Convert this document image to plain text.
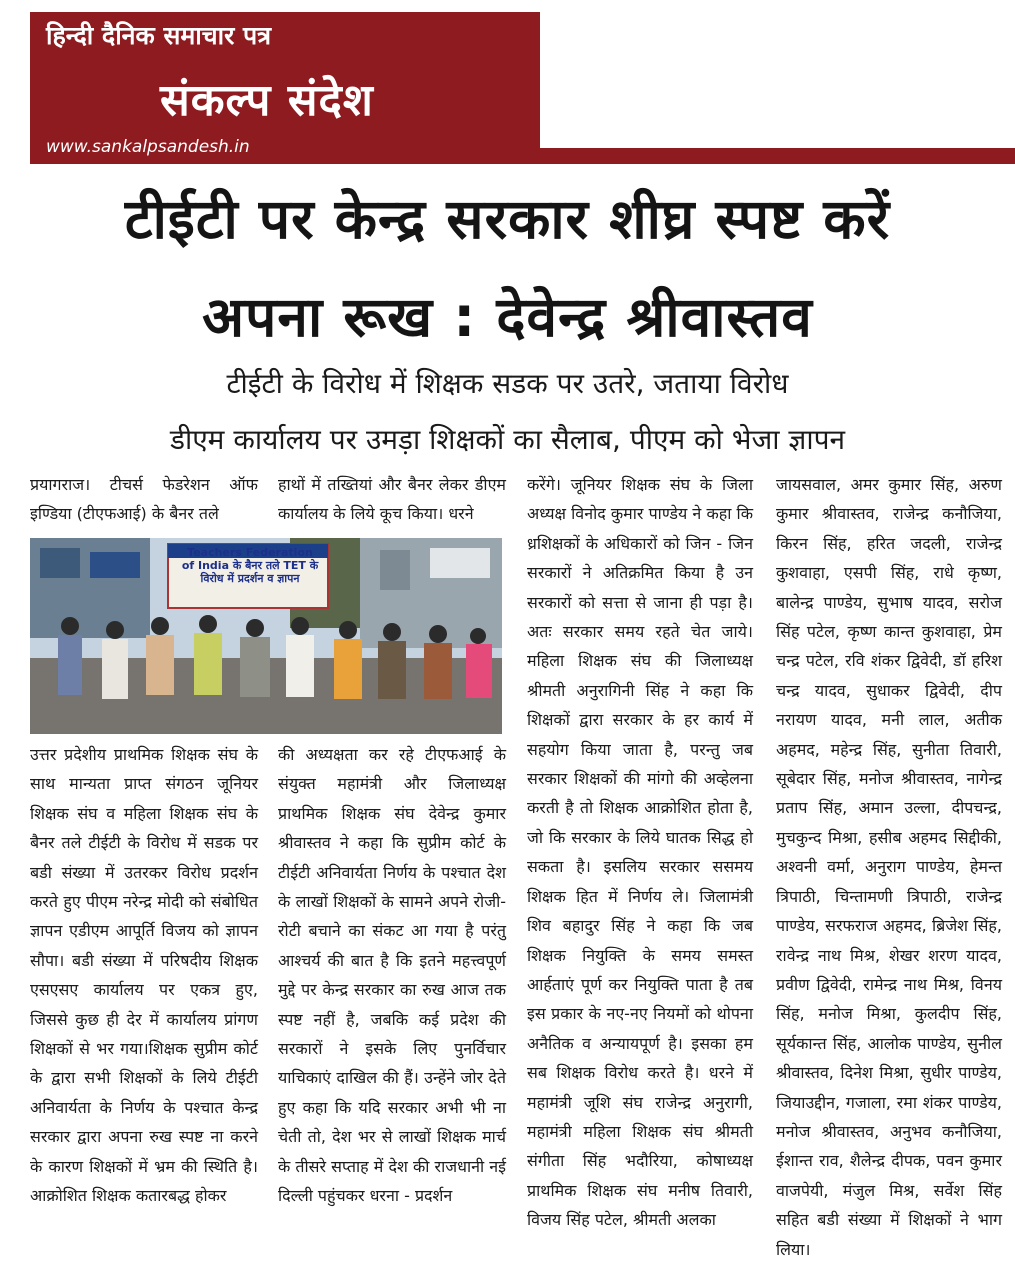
हिन्दी दैनिक समाचार पत्र
संकल्प संदेश
www.sankalpsandesh.in
टीईटी पर केन्द्र सरकार शीघ्र स्पष्ट करें
अपना रूख : देवेन्द्र श्रीवास्तव
टीईटी के विरोध में शिक्षक सडक पर उतरे, जताया विरोध
डीएम कार्यालय पर उमड़ा शिक्षकों का सैलाब, पीएम को भेजा ज्ञापन
प्रयागराज। टीचर्स फेडरेशन ऑफ इण्डिया (टीएफआई) के बैनर तले
हाथों में तख्तियां और बैनर लेकर डीएम कार्यालय के लिये कूच किया। धरने
Teachers Federation of India के बैनर तले TET के विरोध में प्रदर्शन व ज्ञापन
उत्तर प्रदेशीय प्राथमिक शिक्षक संघ के साथ मान्यता प्राप्त संगठन जूनियर शिक्षक संघ व महिला शिक्षक संघ के बैनर तले टीईटी के विरोध में सडक पर बडी संख्या में उतरकर विरोध प्रदर्शन करते हुए पीएम नरेन्द्र मोदी को संबोधित ज्ञापन एडीएम आपूर्ति विजय को ज्ञापन सौपा। बडी संख्या में परिषदीय शिक्षक एसएसए कार्यालय पर एकत्र हुए, जिससे कुछ ही देर में कार्यालय प्रांगण शिक्षकों से भर गया।शिक्षक सुप्रीम कोर्ट के द्वारा सभी शिक्षकों के लिये टीईटी अनिवार्यता के निर्णय के पश्चात केन्द्र सरकार द्वारा अपना रुख स्पष्ट ना करने के कारण शिक्षकों में भ्रम की स्थिति है। आक्रोशित शिक्षक कतारबद्ध होकर
की अध्यक्षता कर रहे टीएफआई के संयुक्त महामंत्री और जिलाध्यक्ष प्राथमिक शिक्षक संघ देवेन्द्र कुमार श्रीवास्तव ने कहा कि सुप्रीम कोर्ट के टीईटी अनिवार्यता निर्णय के पश्चात देश के लाखों शिक्षकों के सामने अपने रोजी-रोटी बचाने का संकट आ गया है परंतु आश्चर्य की बात है कि इतने महत्त्वपूर्ण मुद्दे पर केन्द्र सरकार का रुख आज तक स्पष्ट नहीं है, जबकि कई प्रदेश की सरकारों ने इसके लिए पुनर्विचार याचिकाएं दाखिल की हैं। उन्हेंने जोर देते हुए कहा कि यदि सरकार अभी भी ना चेती तो, देश भर से लाखों शिक्षक मार्च के तीसरे सप्ताह में देश की राजधानी नई दिल्ली पहुंचकर धरना - प्रदर्शन
करेंगे। जूनियर शिक्षक संघ के जिला अध्यक्ष विनोद कुमार पाण्डेय ने कहा कि ध्रशिक्षकों के अधिकारों को जिन - जिन सरकारों ने अतिक्रमित किया है उन सरकारों को सत्ता से जाना ही पड़ा है। अतः सरकार समय रहते चेत जाये। महिला शिक्षक संघ की जिलाध्यक्ष श्रीमती अनुरागिनी सिंह ने कहा कि शिक्षकों द्वारा सरकार के हर कार्य में सहयोग किया जाता है, परन्तु जब सरकार शिक्षकों की मांगो की अव्हेलना करती है तो शिक्षक आक्रोशित होता है, जो कि सरकार के लिये घातक सिद्ध हो सकता है। इसलिय सरकार ससमय शिक्षक हित में निर्णय ले। जिलामंत्री शिव बहादुर सिंह ने कहा कि जब शिक्षक नियुक्ति के समय समस्त आर्हताएं पूर्ण कर नियुक्ति पाता है तब इस प्रकार के नए-नए नियमों को थोपना अनैतिक व अन्यायपूर्ण है। इसका हम सब शिक्षक विरोध करते है। धरने में महामंत्री जूशि संघ राजेन्द्र अनुरागी, महामंत्री महिला शिक्षक संघ श्रीमती संगीता सिंह भदौरिया, कोषाध्यक्ष प्राथमिक शिक्षक संघ मनीष तिवारी, विजय सिंह पटेल, श्रीमती अलका
जायसवाल, अमर कुमार सिंह, अरुण कुमार श्रीवास्तव, राजेन्द्र कनौजिया, किरन सिंह, हरित जदली, राजेन्द्र कुशवाहा, एसपी सिंह, राधे कृष्ण, बालेन्द्र पाण्डेय, सुभाष यादव, सरोज सिंह पटेल, कृष्ण कान्त कुशवाहा, प्रेम चन्द्र पटेल, रवि शंकर द्विवेदी, डॉ हरिश चन्द्र यादव, सुधाकर द्विवेदी, दीप नरायण यादव, मनी लाल, अतीक अहमद, महेन्द्र सिंह, सुनीता तिवारी, सूबेदार सिंह, मनोज श्रीवास्तव, नागेन्द्र प्रताप सिंह, अमान उल्ला, दीपचन्द्र, मुचकुन्द मिश्रा, हसीब अहमद सिद्दीकी, अश्वनी वर्मा, अनुराग पाण्डेय, हेमन्त त्रिपाठी, चिन्तामणी त्रिपाठी, राजेन्द्र पाण्डेय, सरफराज अहमद, ब्रिजेश सिंह, रावेन्द्र नाथ मिश्र, शेखर शरण यादव, प्रवीण द्विवेदी, रामेन्द्र नाथ मिश्र, विनय सिंह, मनोज मिश्रा, कुलदीप सिंह, सूर्यकान्त सिंह, आलोक पाण्डेय, सुनील श्रीवास्तव, दिनेश मिश्रा, सुधीर पाण्डेय, जियाउद्दीन, गजाला, रमा शंकर पाण्डेय, मनोज श्रीवास्तव, अनुभव कनौजिया, ईशान्त राव, शैलेन्द्र दीपक, पवन कुमार वाजपेयी, मंजुल मिश्र, सर्वेश सिंह सहित बडी संख्या में शिक्षकों ने भाग लिया।
